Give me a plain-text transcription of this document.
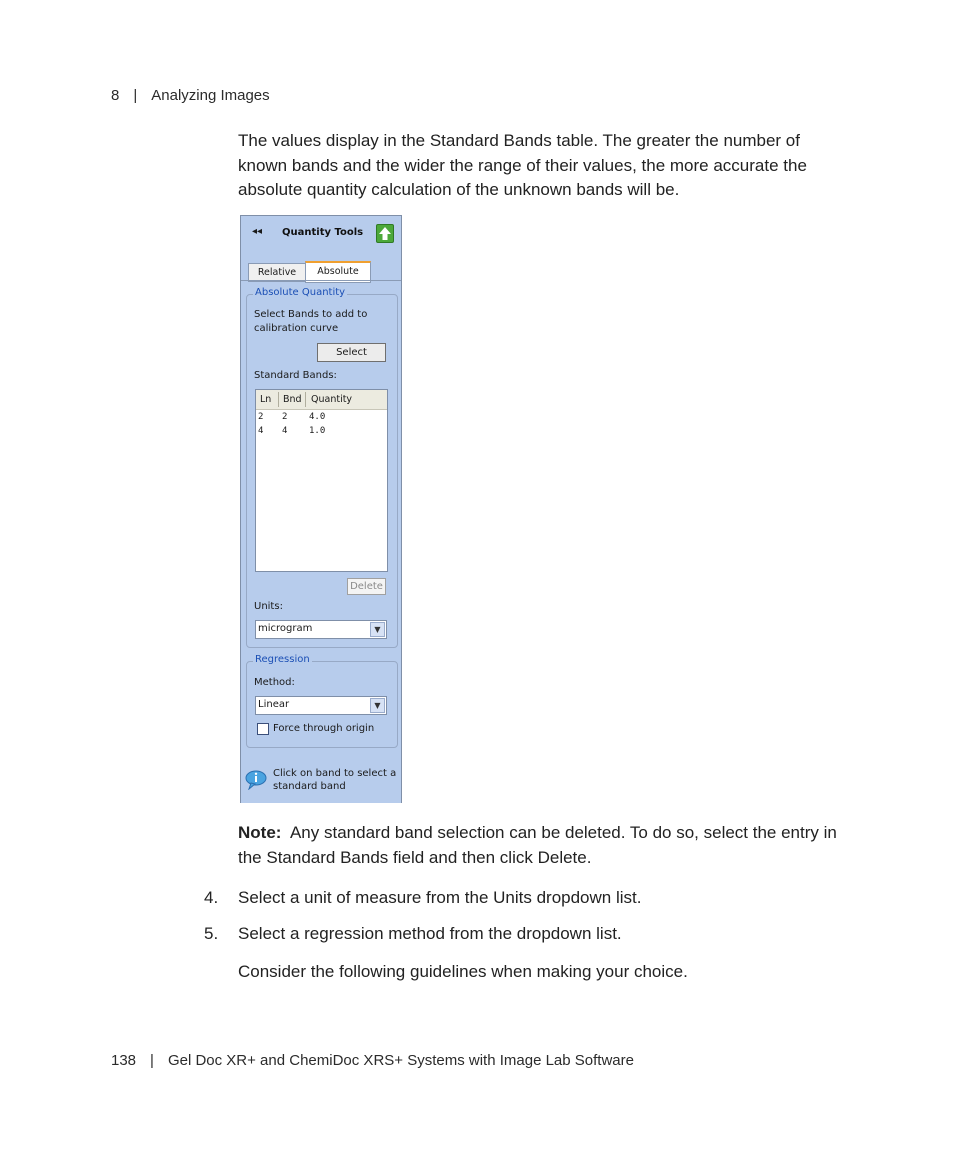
8 | Analyzing Images
The values display in the Standard Bands table. The greater the number of known bands and the wider the range of their values, the more accurate the absolute quantity calculation of the unknown bands will be.
◂◂ Quantity Tools
Relative	Absolute
Absolute Quantity
Select Bands to add to
calibration curve
Select
Standard Bands:
Ln Bnd Quantity
2 2 4.0
4 4 1.0
Delete
Units:
microgram	▼
Regression
Method:
Linear	▼
Force through origin
Click on band to select a
standard band
Note: Any standard band selection can be deleted. To do so, select the entry in the Standard Bands field and then click Delete.
4. Select a unit of measure from the Units dropdown list.
5. Select a regression method from the dropdown list.
Consider the following guidelines when making your choice.
138 | Gel Doc XR+ and ChemiDoc XRS+ Systems with Image Lab Software
